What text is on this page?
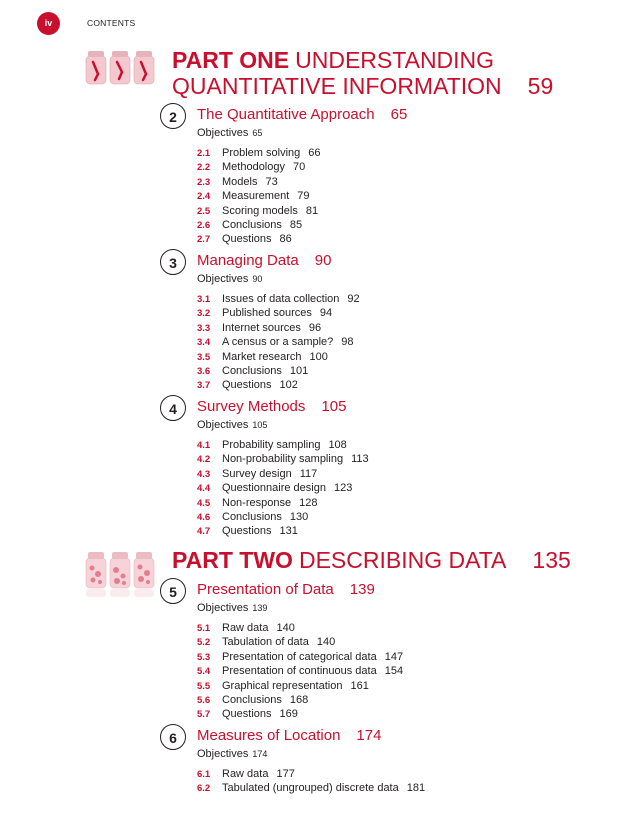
iv	CONTENTS
PART ONE UNDERSTANDING
QUANTITATIVE INFORMATION 59
2	The Quantitative Approach 65
Objectives 65
2.1 Problem solving 66
2.2 Methodology 70
2.3 Models 73
2.4 Measurement 79
2.5 Scoring models 81
2.6 Conclusions 85
2.7 Questions 86
3	Managing Data 90
Objectives 90
3.1 Issues of data collection 92
3.2 Published sources 94
3.3 Internet sources 96
3.4 A census or a sample? 98
3.5 Market research 100
3.6 Conclusions 101
3.7 Questions 102
4	Survey Methods 105
Objectives 105
4.1 Probability sampling 108
4.2 Non-probability sampling 113
4.3 Survey design 117
4.4 Questionnaire design 123
4.5 Non-response 128
4.6 Conclusions 130
4.7 Questions 131
PART TWO DESCRIBING DATA 135
5	Presentation of Data 139
Objectives 139
5.1 Raw data 140
5.2 Tabulation of data 140
5.3 Presentation of categorical data 147
5.4 Presentation of continuous data 154
5.5 Graphical representation 161
5.6 Conclusions 168
5.7 Questions 169
6	Measures of Location 174
Objectives 174
6.1 Raw data 177
6.2 Tabulated (ungrouped) discrete data 181
